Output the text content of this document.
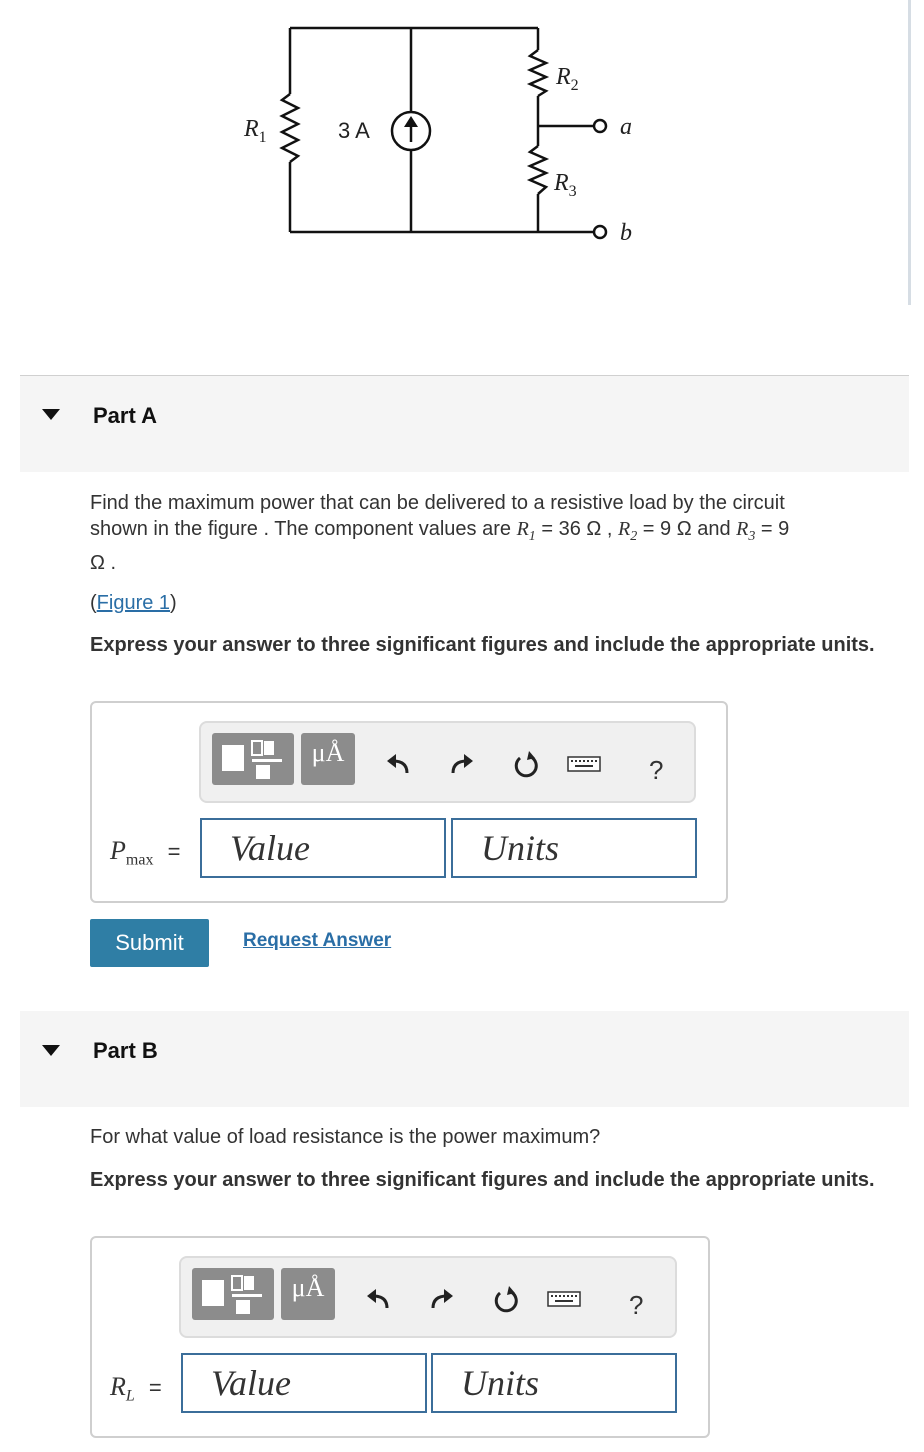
$R_1$	3 A
$R_2$
$R_3$
a
b
Part A
Find the maximum power that can be delivered to a resistive load by the circuit
shown in the figure . The component values are $R_1 = 36$ Ω , $R_2 = 9$ Ω and $R_3 = 9$
Ω .
(Figure 1)
Express your answer to three significant figures and include the appropriate units.
μÅ
?
$P_{max}$ =
Value
Units
Submit	Request Answer
Part B
For what value of load resistance is the power maximum?
Express your answer to three significant figures and include the appropriate units.
μÅ
?
$R_L$ =
Value
Units
